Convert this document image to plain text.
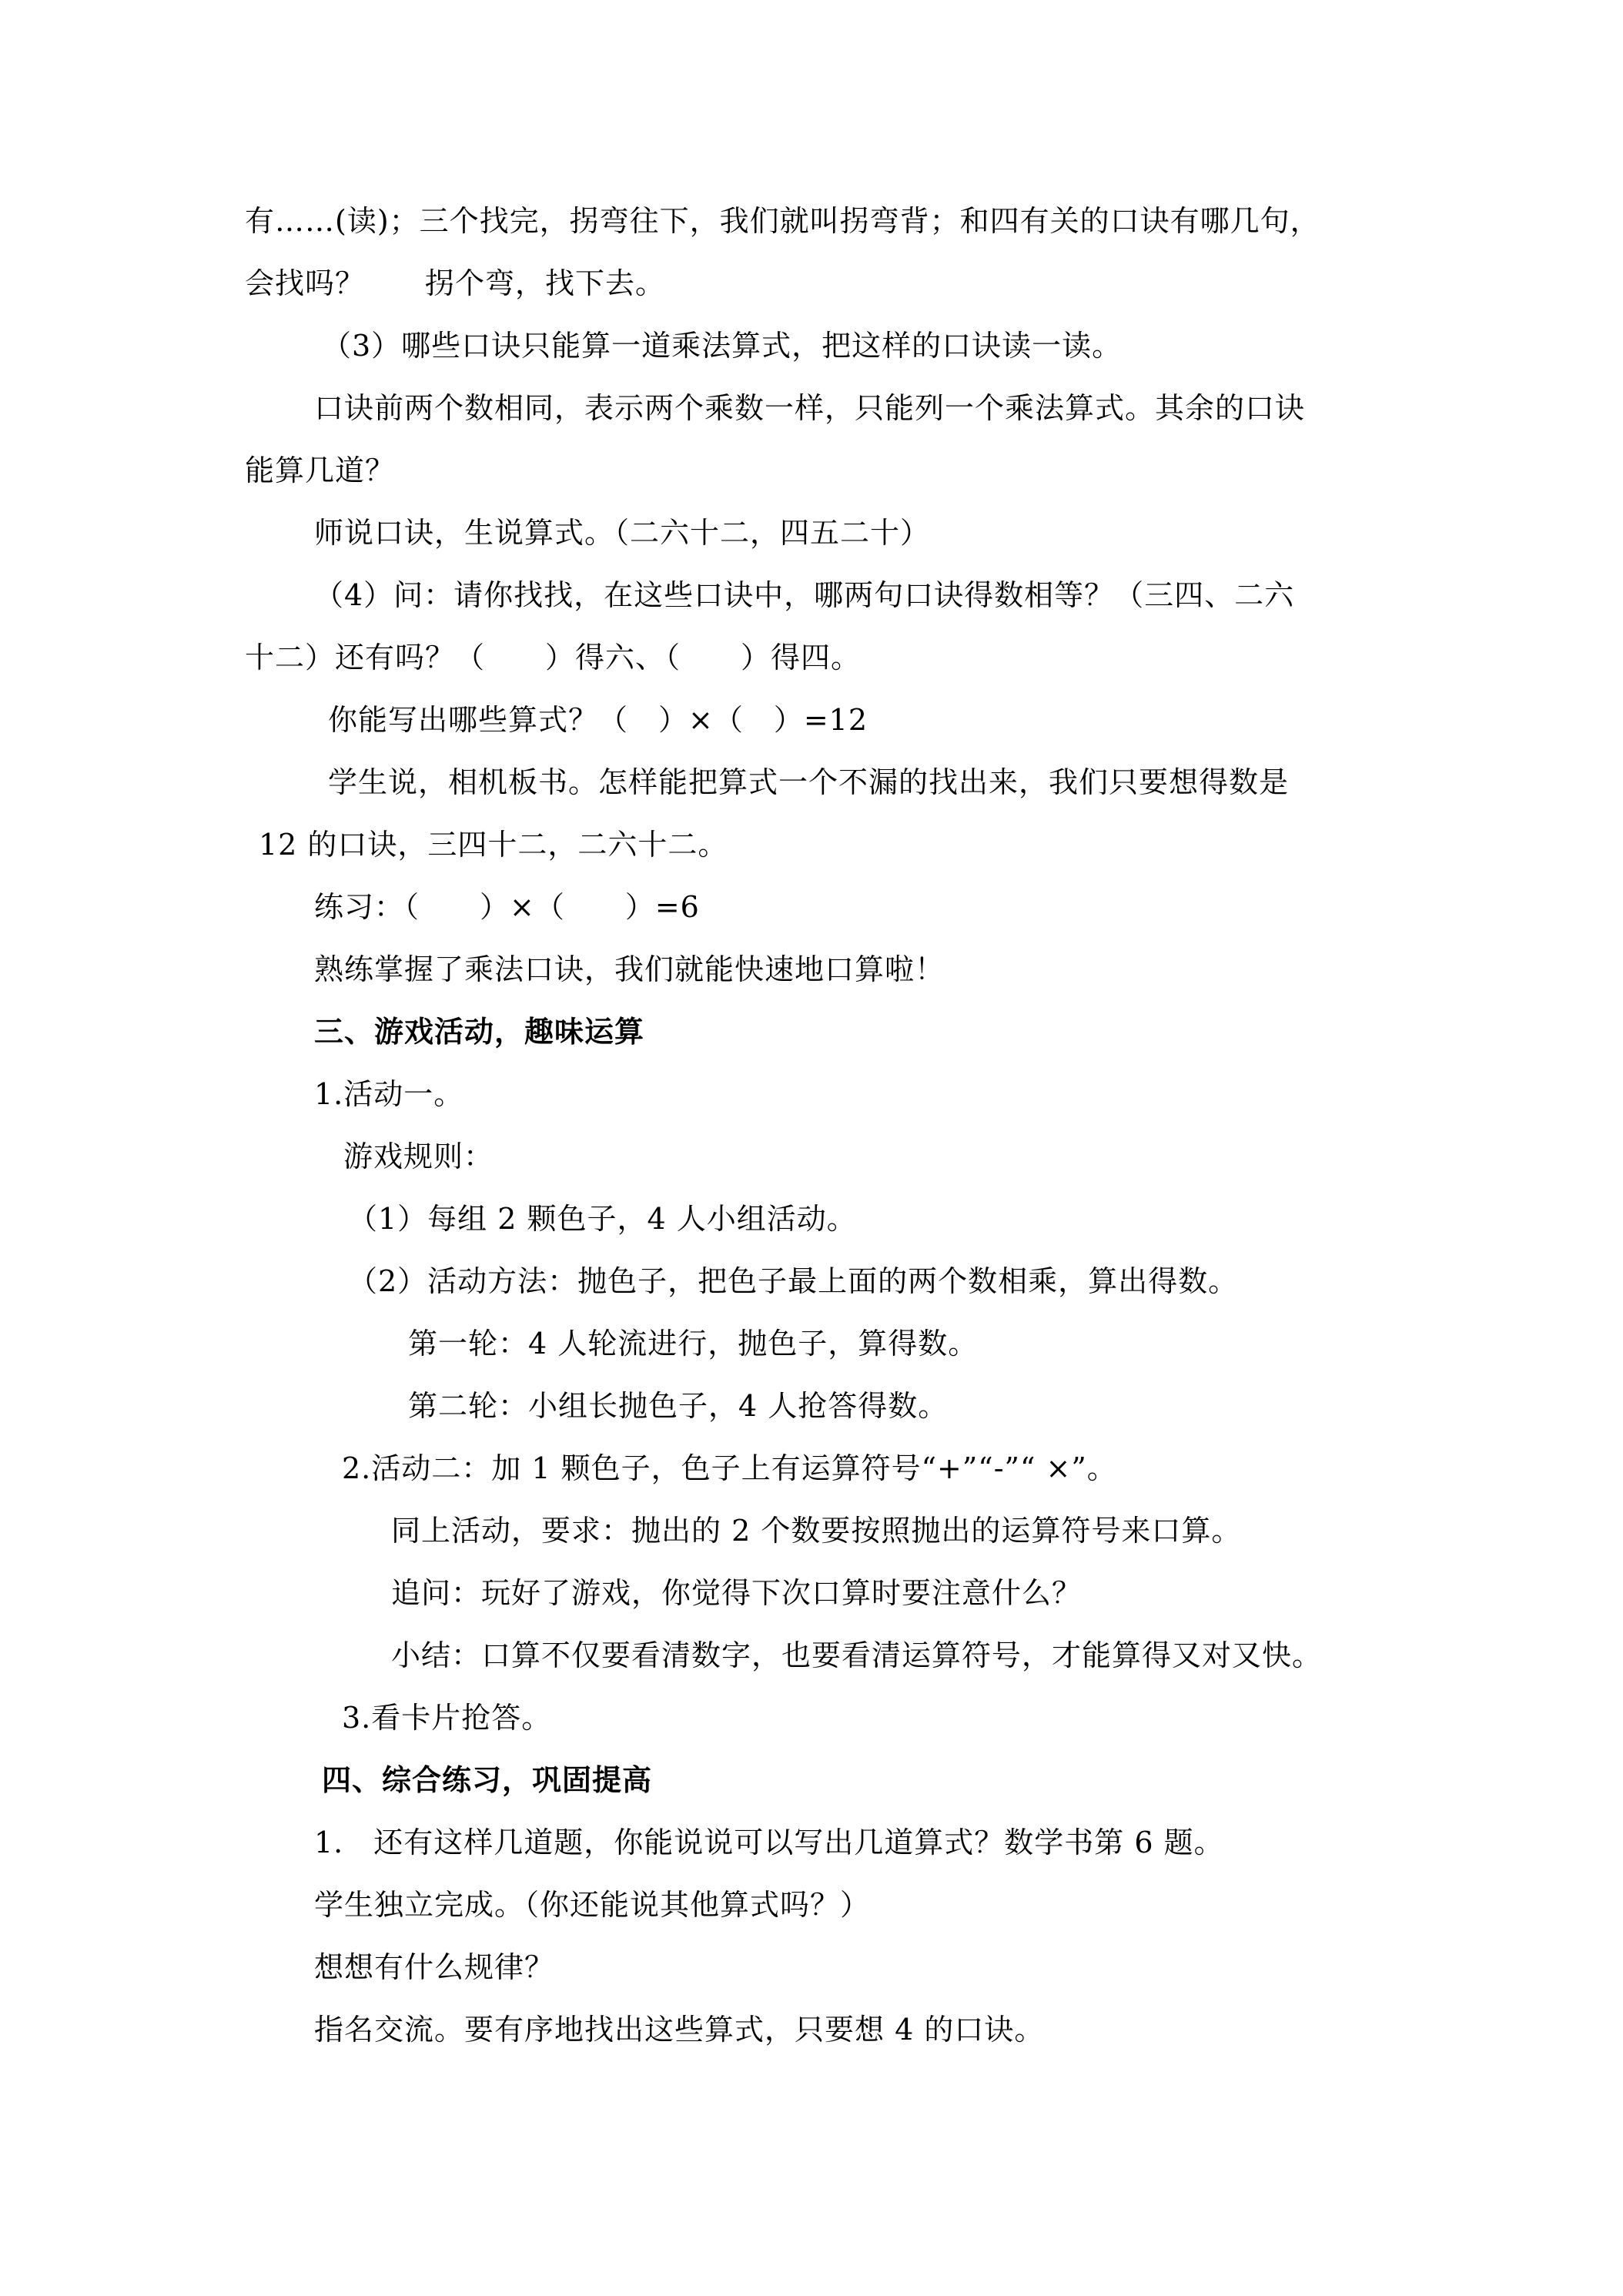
有……(读)；三个找完，拐弯往下，我们就叫拐弯背；和四有关的口诀有哪几句，
会找吗？　　拐个弯，找下去。
（3）哪些口诀只能算一道乘法算式，把这样的口诀读一读。
口诀前两个数相同，表示两个乘数一样，只能列一个乘法算式。其余的口诀
能算几道？
师说口诀，生说算式。（二六十二，四五二十）
（4）问：请你找找，在这些口诀中，哪两句口诀得数相等？（三四、二六
十二）还有吗？（　　）得六、（　　）得四。
你能写出哪些算式？（　）×（　）=12
学生说，相机板书。怎样能把算式一个不漏的找出来，我们只要想得数是
12 的口诀，三四十二，二六十二。
练习：（　　）×（　　）=6
熟练掌握了乘法口诀，我们就能快速地口算啦！
三、游戏活动，趣味运算
1.活动一。
游戏规则：
（1）每组 2 颗色子，4 人小组活动。
（2）活动方法：抛色子，把色子最上面的两个数相乘，算出得数。
第一轮：4 人轮流进行，抛色子，算得数。
第二轮：小组长抛色子，4 人抢答得数。
2.活动二：加 1 颗色子，色子上有运算符号“+”“-”“ ×”。
同上活动，要求：抛出的 2 个数要按照抛出的运算符号来口算。
追问：玩好了游戏，你觉得下次口算时要注意什么？
小结：口算不仅要看清数字，也要看清运算符号，才能算得又对又快。
3.看卡片抢答。
四、综合练习，巩固提高
1.　还有这样几道题，你能说说可以写出几道算式？数学书第 6 题。
学生独立完成。（你还能说其他算式吗？）
想想有什么规律？
指名交流。要有序地找出这些算式，只要想 4 的口诀。
